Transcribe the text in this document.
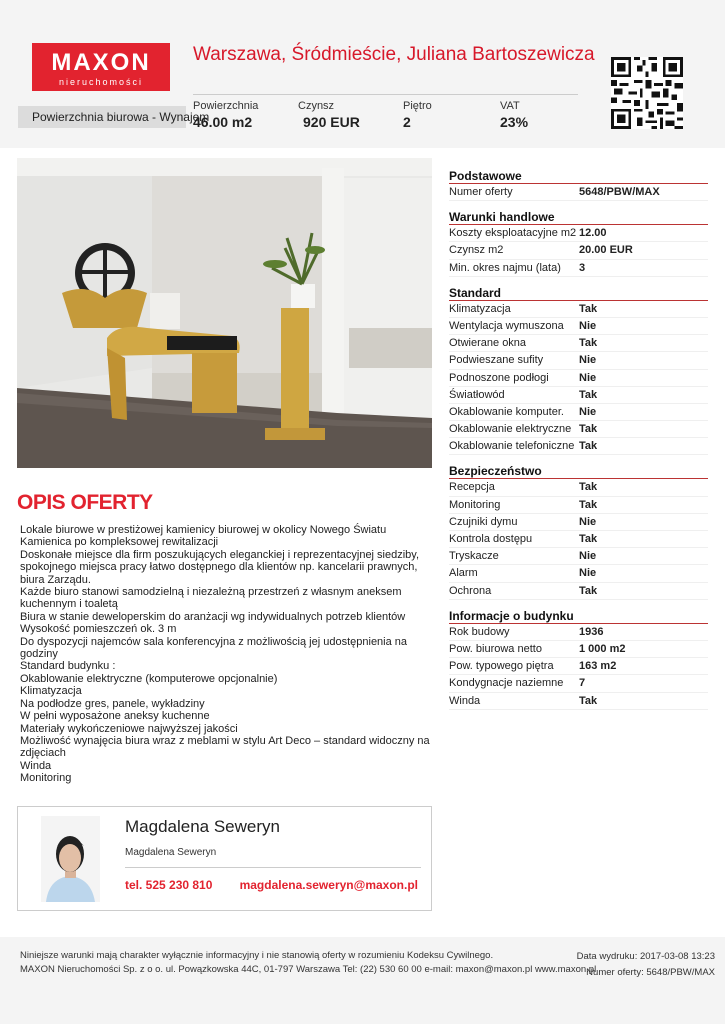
MAXON
nieruchomości
Warszawa, Śródmieście, Juliana Bartoszewicza
Powierzchnia biurowa - Wynajem
Powierzchnia
46.00 m2
Czynsz
920 EUR
Piętro
2
VAT
23%
OPIS OFERTY
Lokale biurowe w prestiżowej kamienicy biurowej w okolicy Nowego Światu
Kamienica po kompleksowej rewitalizacji
Doskonałe miejsce dla firm poszukujących eleganckiej i reprezentacyjnej siedziby, spokojnego miejsca pracy łatwo dostępnego dla klientów np. kancelarii prawnych, biura Zarządu.
Każde biuro stanowi samodzielną i niezależną przestrzeń z własnym aneksem kuchennym i toaletą
Biura w stanie deweloperskim do aranżacji wg indywidualnych potrzeb klientów
Wysokość pomieszczeń ok. 3 m
Do dyspozycji najemców sala konferencyjna z możliwością jej udostępnienia na godziny
Standard budynku :
Okablowanie elektryczne (komputerowe opcjonalnie)
Klimatyzacja
Na podłodze gres, panele, wykładziny
W pełni wyposażone aneksy kuchenne
Materiały wykończeniowe najwyższej jakości
Możliwość wynajęcia biura wraz z meblami w stylu Art Deco – standard widoczny na zdjęciach
Winda
Monitoring
Magdalena Seweryn
Magdalena Seweryn
tel. 525 230 810 magdalena.seweryn@maxon.pl
Podstawowe
Numer oferty	5648/PBW/MAX
Warunki handlowe
Koszty eksploatacyjne m2 12.00
Czynsz m2	20.00 EUR
Min. okres najmu (lata)	3
Standard
Klimatyzacja	Tak
Wentylacja wymuszona	Nie
Otwierane okna	Tak
Podwieszane sufity	Nie
Podnoszone podłogi	Nie
Światłowód	Tak
Okablowanie komputer.	Nie
Okablowanie elektryczne Tak
Okablowanie telefoniczne Tak
Bezpieczeństwo
Recepcja	Tak
Monitoring	Tak
Czujniki dymu	Nie
Kontrola dostępu	Tak
Tryskacze	Nie
Alarm	Nie
Ochrona	Tak
Informacje o budynku
Rok budowy	1936
Pow. biurowa netto	1 000 m2
Pow. typowego piętra	163 m2
Kondygnacje naziemne	7
Winda	Tak
Niniejsze warunki mają charakter wyłącznie informacyjny i nie stanowią oferty w rozumieniu Kodeksu Cywilnego.
MAXON Nieruchomości Sp. z o o. ul. Powązkowska 44C, 01-797 Warszawa Tel: (22) 530 60 00 e-mail: maxon@maxon.pl www.maxon.pl
Data wydruku: 2017-03-08 13:23
Numer oferty: 5648/PBW/MAX
